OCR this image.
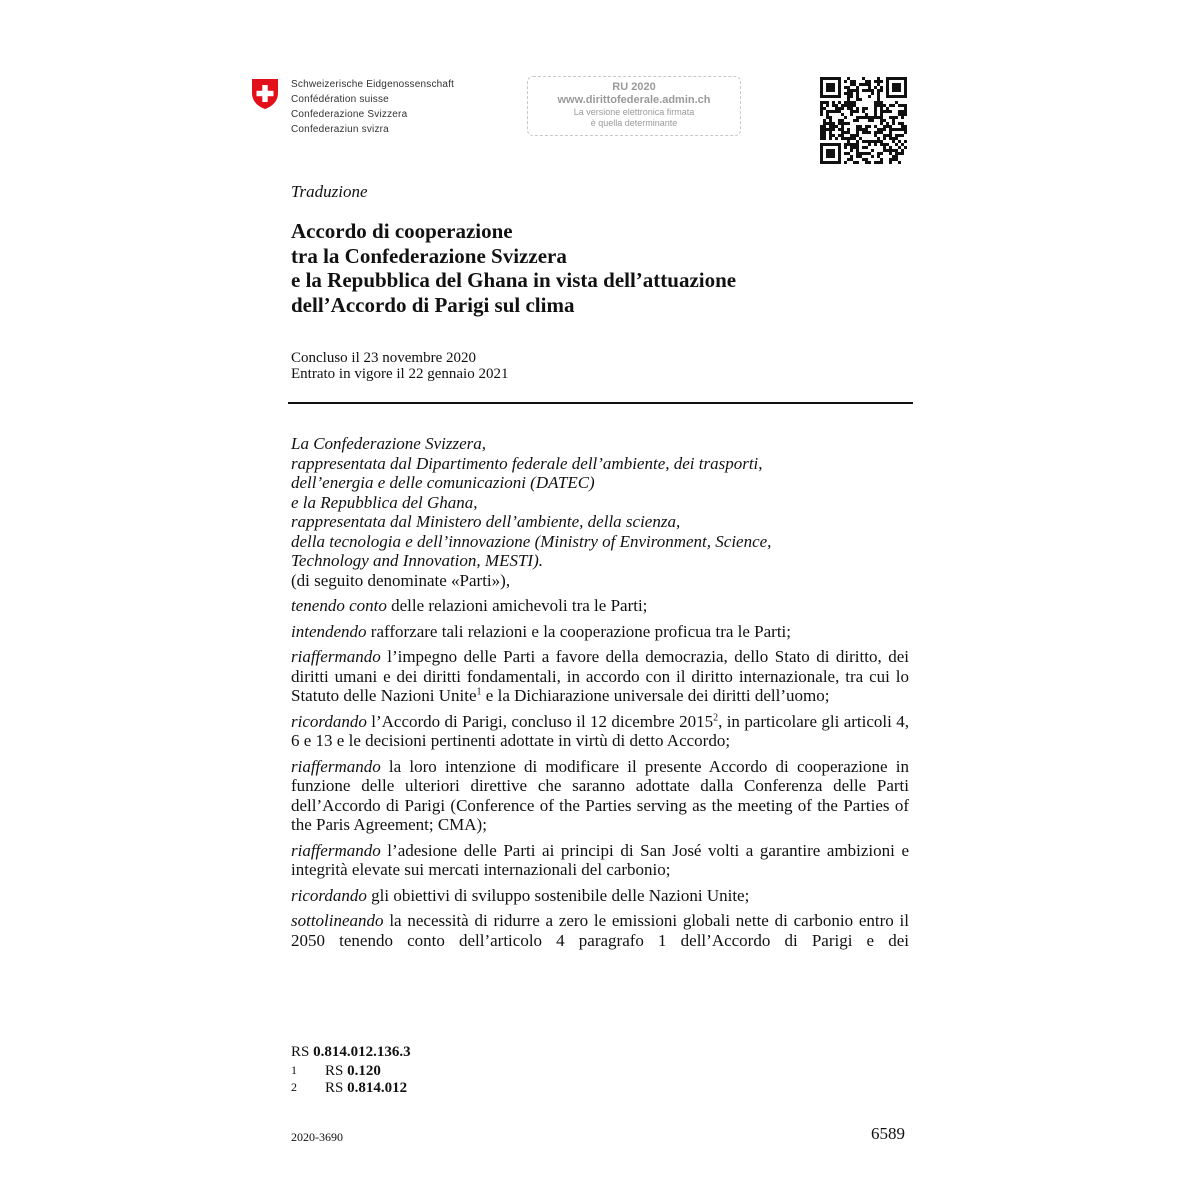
Schweizerische Eidgenossenschaft
Confédération suisse
Confederazione Svizzera
Confederaziun svizra
RU 2020
www.dirittofederale.admin.ch
La versione elettronica firmata
è quella determinante
Traduzione
Accordo di cooperazione
tra la Confederazione Svizzera
e la Repubblica del Ghana in vista dell’attuazione
dell’Accordo di Parigi sul clima
Concluso il 23 novembre 2020
Entrato in vigore il 22 gennaio 2021
La Confederazione Svizzera,
rappresentata dal Dipartimento federale dell’ambiente, dei trasporti,
dell’energia e delle comunicazioni (DATEC)
e la Repubblica del Ghana,
rappresentata dal Ministero dell’ambiente, della scienza,
della tecnologia e dell’innovazione (Ministry of Environment, Science,
Technology and Innovation, MESTI).
(di seguito denominate «Parti»),
tenendo conto delle relazioni amichevoli tra le Parti;
intendendo rafforzare tali relazioni e la cooperazione proficua tra le Parti;
riaffermando l’impegno delle Parti a favore della democrazia, dello Stato di diritto, dei diritti umani e dei diritti fondamentali, in accordo con il diritto internazionale, tra cui lo Statuto delle Nazioni Unite$^1$ e la Dichiarazione universale dei diritti dell’uomo;
ricordando l’Accordo di Parigi, concluso il 12 dicembre 2015$^2$, in particolare gli articoli 4, 6 e 13 e le decisioni pertinenti adottate in virtù di detto Accordo;
riaffermando la loro intenzione di modificare il presente Accordo di cooperazione in funzione delle ulteriori direttive che saranno adottate dalla Conferenza delle Parti dell’Accordo di Parigi (Conference of the Parties serving as the meeting of the Parties of the Paris Agreement; CMA);
riaffermando l’adesione delle Parti ai principi di San José volti a garantire ambizioni e integrità elevate sui mercati internazionali del carbonio;
ricordando gli obiettivi di sviluppo sostenibile delle Nazioni Unite;
sottolineando la necessità di ridurre a zero le emissioni globali nette di carbonio entro il 2050 tenendo conto dell’articolo 4 paragrafo 1 dell’Accordo di Parigi e dei
RS 0.814.012.136.3
1 RS 0.120
2 RS 0.814.012
2020-3690	6589
